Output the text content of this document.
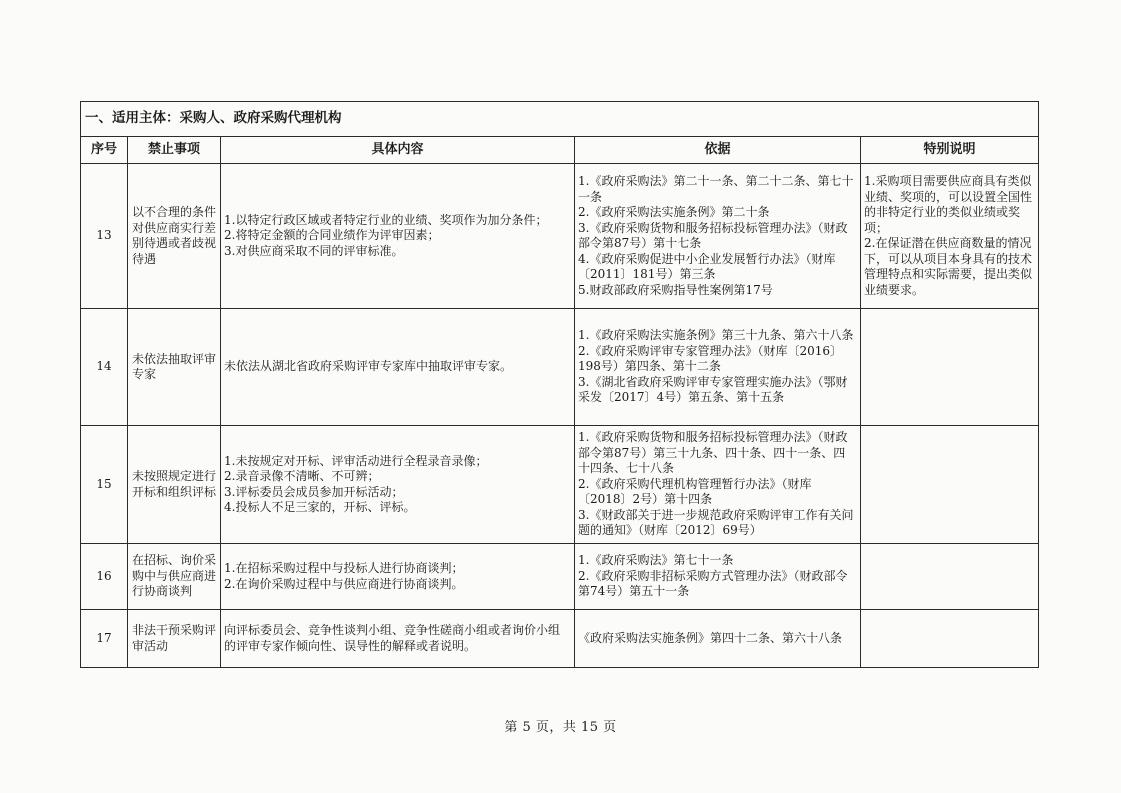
一、适用主体：采购人、政府采购代理机构				
序号	禁止事项	具体内容	依据	特别说明
13	以不合理的条件对供应商实行差别待遇或者歧视待遇	1.以特定行政区域或者特定行业的业绩、奖项作为加分条件；
2.将特定金额的合同业绩作为评审因素；
3.对供应商采取不同的评审标准。	1.《政府采购法》第二十一条、第二十二条、第七十一条
2.《政府采购法实施条例》第二十条
3.《政府采购货物和服务招标投标管理办法》（财政部令第87号）第十七条
4.《政府采购促进中小企业发展暂行办法》（财库〔2011〕181号）第三条
5.财政部政府采购指导性案例第17号	1.采购项目需要供应商具有类似业绩、奖项的，可以设置全国性的非特定行业的类似业绩或奖项；
2.在保证潜在供应商数量的情况下，可以从项目本身具有的技术管理特点和实际需要，提出类似业绩要求。

14	未依法抽取评审专家	未依法从湖北省政府采购评审专家库中抽取评审专家。	1.《政府采购法实施条例》第三十九条、第六十八条
2.《政府采购评审专家管理办法》（财库〔2016〕198号）第四条、第十二条
3.《湖北省政府采购评审专家管理实施办法》（鄂财采发〔2017〕4号）第五条、第十五条	

15	未按照规定进行开标和组织评标	1.未按规定对开标、评审活动进行全程录音录像；
2.录音录像不清晰、不可辨；
3.评标委员会成员参加开标活动；
4.投标人不足三家的，开标、评标。	1.《政府采购货物和服务招标投标管理办法》（财政部令第87号）第三十九条、四十条、四十一条、四十四条、七十八条
2.《政府采购代理机构管理暂行办法》（财库〔2018〕2号）第十四条
3.《财政部关于进一步规范政府采购评审工作有关问题的通知》（财库〔2012〕69号）	

16	在招标、询价采购中与供应商进行协商谈判	1.在招标采购过程中与投标人进行协商谈判；
2.在询价采购过程中与供应商进行协商谈判。	1.《政府采购法》第七十一条
2.《政府采购非招标采购方式管理办法》（财政部令第74号）第五十一条	

17	非法干预采购评审活动	向评标委员会、竞争性谈判小组、竞争性磋商小组或者询价小组的评审专家作倾向性、误导性的解释或者说明。	《政府采购法实施条例》第四十二条、第六十八条	

第 5 页，共 15 页
